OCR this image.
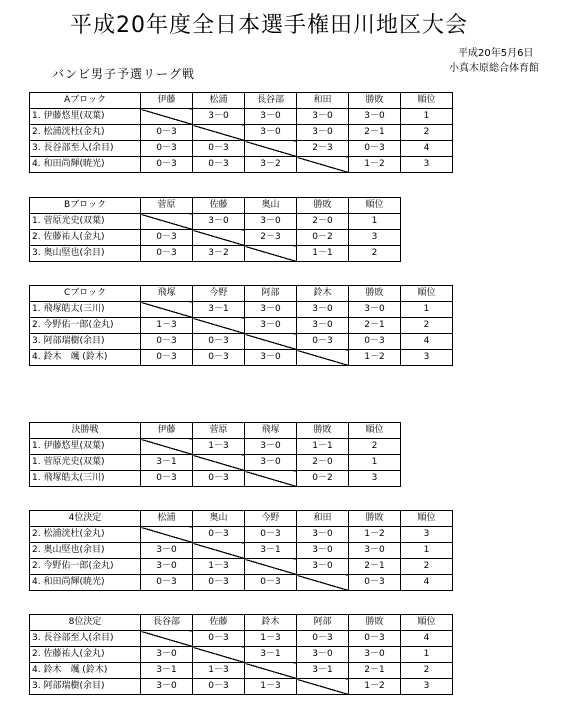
平成20年度全日本選手権田川地区大会
平成20年5月6日
小真木原総合体育館
バンビ男子予選リーグ戦
Aブロック	伊藤	松浦	長谷部	和田	勝敗	順位
1. 伊藤悠里(双葉)		3－0	3－0	3－0	3－0	1
2. 松浦洸杜(金丸)	0－3		3－0	3－0	2－1	2
3. 長谷部至人(余目)	0－3	0－3		2－3	0－3	4
4. 和田尚輝(暁光)	0－3	0－3	3－2		1－2	3
Bブロック	菅原	佐藤	奥山	勝敗	順位
1. 菅原光史(双葉)		3－0	3－0	2－0	1
2. 佐藤祐人(金丸)	0－3		2－3	0－2	3
3. 奥山堅也(余目)	0－3	3－2		1－1	2
Cブロック	飛塚	今野	阿部	鈴木	勝敗	順位
1. 飛塚皓太(三川)		3－1	3－0	3－0	3－0	1
2. 今野佑一郎(金丸)	1－3		3－0	3－0	2－1	2
3. 阿部瑞樹(余目)	0－3	0－3		0－3	0－3	4
4. 鈴木　颯 (鈴木)	0－3	0－3	3－0		1－2	3
決勝戦	伊藤	菅原	飛塚	勝敗	順位
1. 伊藤悠里(双葉)		1－3	3－0	1－1	2
1. 菅原光史(双葉)	3－1		3－0	2－0	1
1. 飛塚皓太(三川)	0－3	0－3		0－2	3
4位決定	松浦	奥山	今野	和田	勝敗	順位
2. 松浦洸杜(金丸)		0－3	0－3	3－0	1－2	3
2. 奥山堅也(余目)	3－0		3－1	3－0	3－0	1
2. 今野佑一郎(金丸)	3－0	1－3		3－0	2－1	2
4. 和田尚輝(暁光)	0－3	0－3	0－3		0－3	4
8位決定	長谷部	佐藤	鈴木	阿部	勝敗	順位
3. 長谷部至人(余目)		0－3	1－3	0－3	0－3	4
2. 佐藤祐人(金丸)	3－0		3－1	3－0	3－0	1
4. 鈴木　颯 (鈴木)	3－1	1－3		3－1	2－1	2
3. 阿部瑞樹(余目)	3－0	0－3	1－3		1－2	3
